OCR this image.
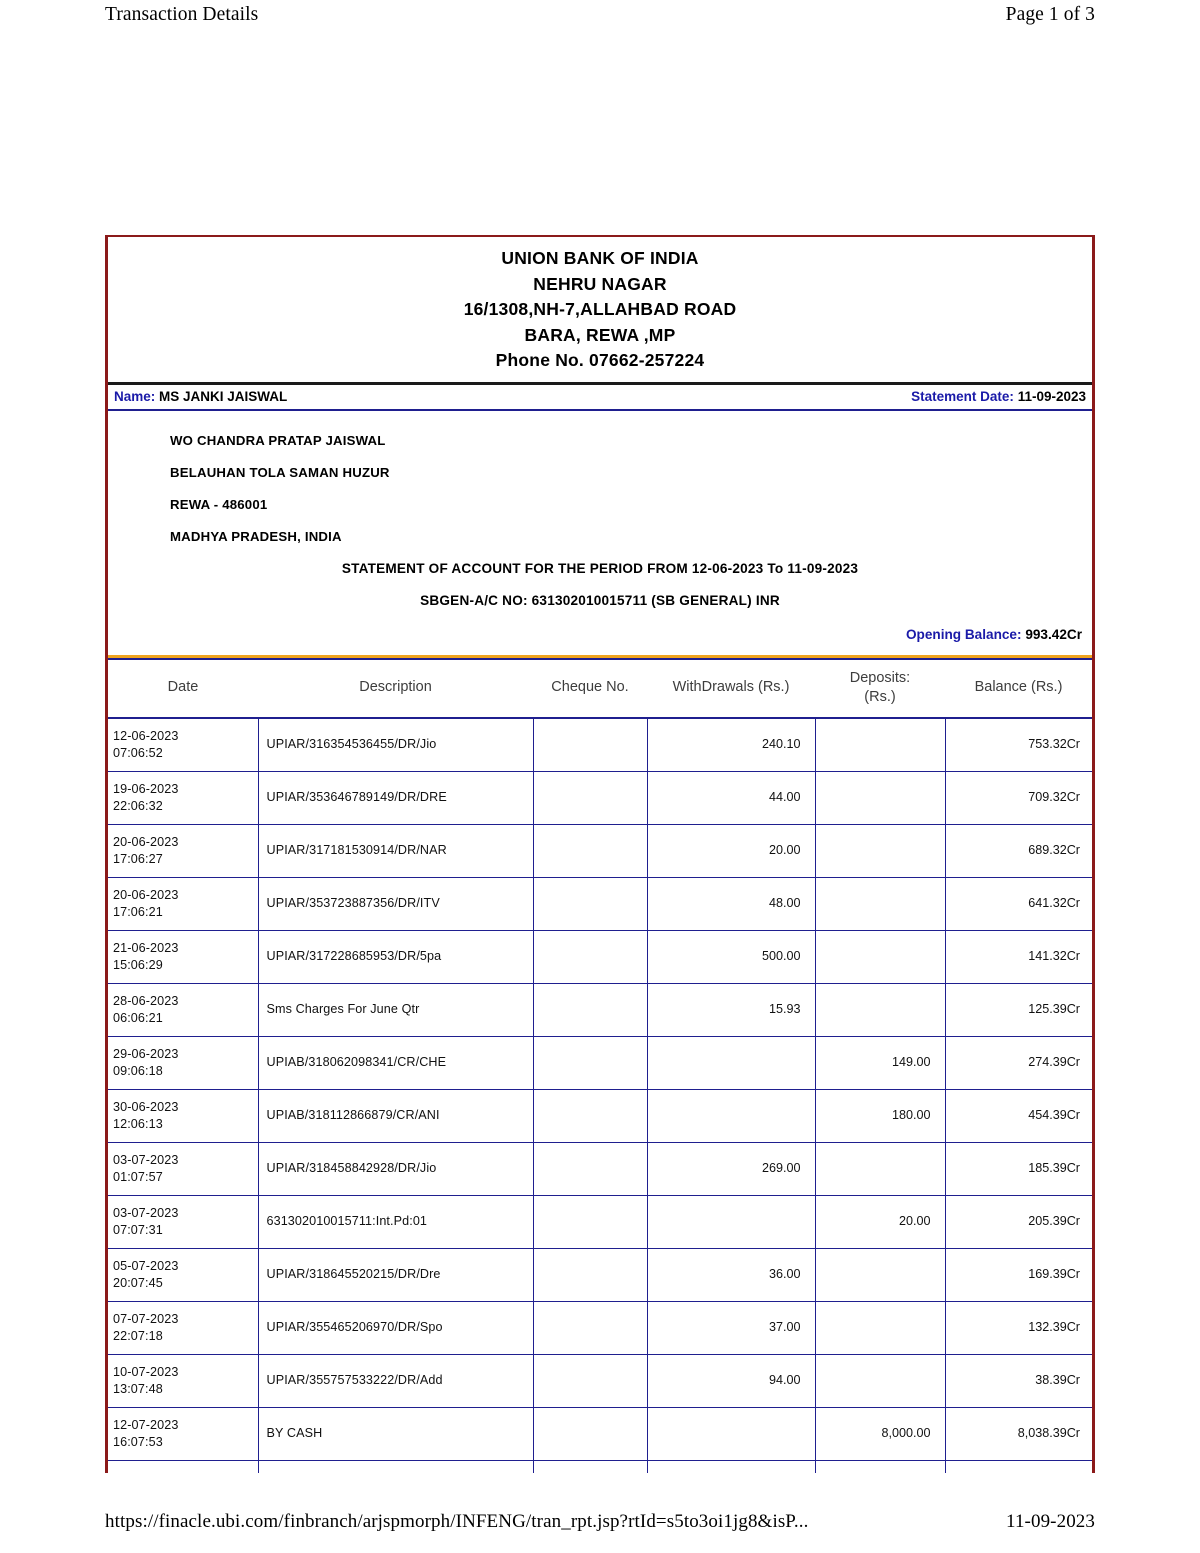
Transaction Details	Page 1 of 3
UNION BANK OF INDIA
NEHRU NAGAR
16/1308,NH-7,ALLAHBAD ROAD
BARA, REWA ,MP
Phone No. 07662-257224
Name: MS JANKI JAISWAL	Statement Date: 11-09-2023
WO CHANDRA PRATAP JAISWAL
BELAUHAN TOLA SAMAN HUZUR
REWA - 486001
MADHYA PRADESH, INDIA
STATEMENT OF ACCOUNT FOR THE PERIOD FROM 12-06-2023 To 11-09-2023
SBGEN-A/C NO: 631302010015711 (SB GENERAL) INR
Opening Balance: 993.42Cr
Date	Description	Cheque No.	WithDrawals (Rs.)	Deposits:
(Rs.)	Balance (Rs.)
12-06-2023
07:06:52	UPIAR/316354536455/DR/Jio		240.10		753.32Cr
19-06-2023
22:06:32	UPIAR/353646789149/DR/DRE		44.00		709.32Cr
20-06-2023
17:06:27	UPIAR/317181530914/DR/NAR		20.00		689.32Cr
20-06-2023
17:06:21	UPIAR/353723887356/DR/ITV		48.00		641.32Cr
21-06-2023
15:06:29	UPIAR/317228685953/DR/5pa		500.00		141.32Cr
28-06-2023
06:06:21	Sms Charges For June Qtr		15.93		125.39Cr
29-06-2023
09:06:18	UPIAB/318062098341/CR/CHE			149.00	274.39Cr
30-06-2023
12:06:13	UPIAB/318112866879/CR/ANI			180.00	454.39Cr
03-07-2023
01:07:57	UPIAR/318458842928/DR/Jio		269.00		185.39Cr
03-07-2023
07:07:31	631302010015711:Int.Pd:01			20.00	205.39Cr
05-07-2023
20:07:45	UPIAR/318645520215/DR/Dre		36.00		169.39Cr
07-07-2023
22:07:18	UPIAR/355465206970/DR/Spo		37.00		132.39Cr
10-07-2023
13:07:48	UPIAR/355757533222/DR/Add		94.00		38.39Cr
12-07-2023
16:07:53	BY CASH			8,000.00	8,038.39Cr

https://finacle.ubi.com/finbranch/arjspmorph/INFENG/tran_rpt.jsp?rtId=s5to3oi1jg8&isP...	11-09-2023
